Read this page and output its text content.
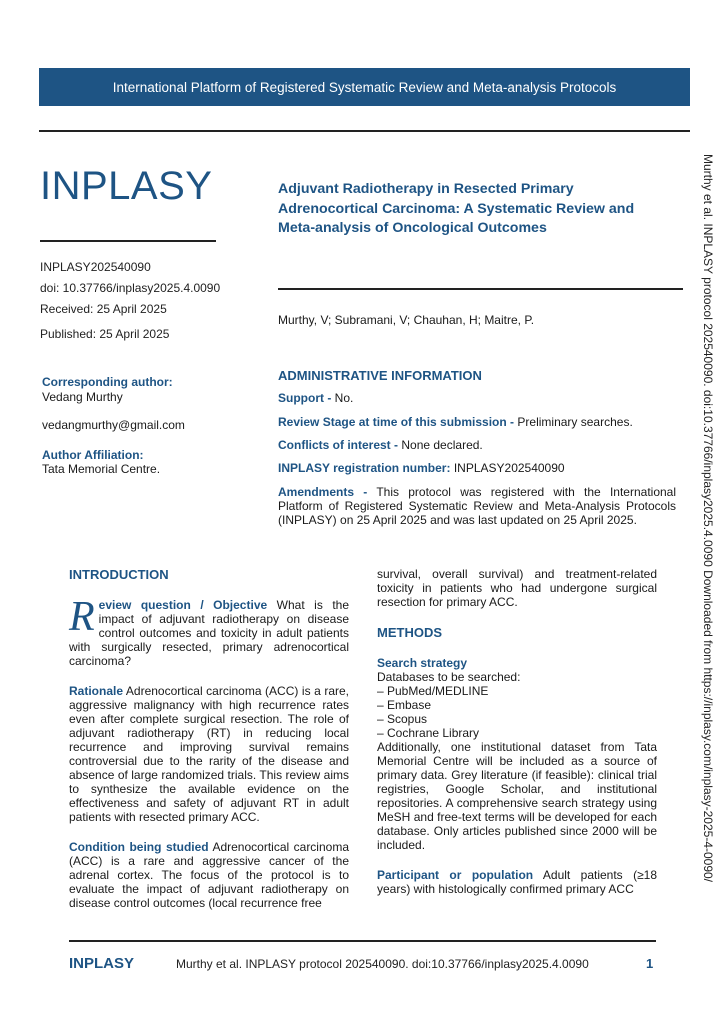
International Platform of Registered Systematic Review and Meta-analysis Protocols
INPLASY
INPLASY202540090
doi: 10.37766/inplasy2025.4.0090
Received: 25 April 2025
Published: 25 April 2025
Adjuvant Radiotherapy in Resected Primary Adrenocortical Carcinoma: A Systematic Review and Meta-analysis of Oncological Outcomes
Murthy, V; Subramani, V; Chauhan, H; Maitre, P.
Corresponding author:
Vedang Murthy
vedangmurthy@gmail.com
Author Affiliation:
Tata Memorial Centre.
ADMINISTRATIVE INFORMATION
Support - No.
Review Stage at time of this submission - Preliminary searches.
Conflicts of interest - None declared.
INPLASY registration number: INPLASY202540090
Amendments - This protocol was registered with the International Platform of Registered Systematic Review and Meta-Analysis Protocols (INPLASY) on 25 April 2025 and was last updated on 25 April 2025.
INTRODUCTION

Review question / Objective What is the impact of adjuvant radiotherapy on disease control outcomes and toxicity in adult patients with surgically resected, primary adrenocortical carcinoma?

Rationale Adrenocortical carcinoma (ACC) is a rare, aggressive malignancy with high recurrence rates even after complete surgical resection. The role of adjuvant radiotherapy (RT) in reducing local recurrence and improving survival remains controversial due to the rarity of the disease and absence of large randomized trials. This review aims to synthesize the available evidence on the effectiveness and safety of adjuvant RT in adult patients with resected primary ACC.

Condition being studied Adrenocortical carcinoma (ACC) is a rare and aggressive cancer of the adrenal cortex. The focus of the protocol is to evaluate the impact of adjuvant radiotherapy on disease control outcomes (local recurrence free

survival, overall survival) and treatment-related toxicity in patients who had undergone surgical resection for primary ACC.

METHODS
Search strategy
Databases to be searched:
– PubMed/MEDLINE
– Embase
– Scopus
– Cochrane Library

Additionally, one institutional dataset from Tata Memorial Centre will be included as a source of primary data. Grey literature (if feasible): clinical trial registries, Google Scholar, and institutional repositories. A comprehensive search strategy using MeSH and free-text terms will be developed for each database. Only articles published since 2000 will be included.

Participant or population Adult patients (≥18 years) with histologically confirmed primary ACC

Murthy et al. INPLASY protocol 202540090. doi:10.37766/inplasy2025.4.0090 Downloaded from https://inplasy.com/inplasy-2025-4-0090/
INPLASY	Murthy et al. INPLASY protocol 202540090. doi:10.37766/inplasy2025.4.0090	1
